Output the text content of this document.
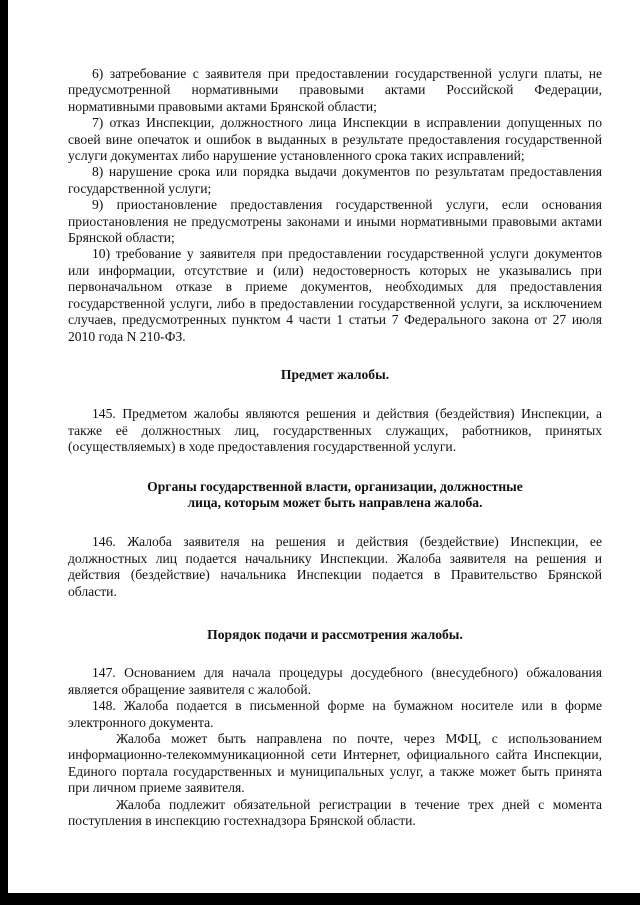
6) затребование с заявителя при предоставлении государственной услуги платы, не предусмотренной нормативными правовыми актами Российской Федерации, нормативными правовыми актами Брянской области;

7) отказ Инспекции, должностного лица Инспекции в исправлении допущенных по своей вине опечаток и ошибок в выданных в результате предоставления государственной услуги документах либо нарушение установленного срока таких исправлений;

8) нарушение срока или порядка выдачи документов по результатам предоставления государственной услуги;

9) приостановление предоставления государственной услуги, если основания приостановления не предусмотрены законами и иными нормативными правовыми актами Брянской области;

10) требование у заявителя при предоставлении государственной услуги документов или информации, отсутствие и (или) недостоверность которых не указывались при первоначальном отказе в приеме документов, необходимых для предоставления государственной услуги, либо в предоставлении государственной услуги, за исключением случаев, предусмотренных пунктом 4 части 1 статьи 7 Федерального закона от 27 июля 2010 года N 210-ФЗ.

Предмет жалобы.

145. Предметом жалобы являются решения и действия (бездействия) Инспекции, а также её должностных лиц, государственных служащих, работников, принятых (осуществляемых) в ходе предоставления государственной услуги.

Органы государственной власти, организации, должностные
лица, которым может быть направлена жалоба.

146. Жалоба заявителя на решения и действия (бездействие) Инспекции, ее должностных лиц подается начальнику Инспекции. Жалоба заявителя на решения и действия (бездействие) начальника Инспекции подается в Правительство Брянской области.

Порядок подачи и рассмотрения жалобы.

147. Основанием для начала процедуры досудебного (внесудебного) обжалования является обращение заявителя с жалобой.

148. Жалоба подается в письменной форме на бумажном носителе или в форме электронного документа.

Жалоба может быть направлена по почте, через МФЦ, с использованием информационно-телекоммуникационной сети Интернет, официального сайта Инспекции, Единого портала государственных и муниципальных услуг, а также может быть принята при личном приеме заявителя.

Жалоба подлежит обязательной регистрации в течение трех дней с момента поступления в инспекцию гостехнадзора Брянской области.
